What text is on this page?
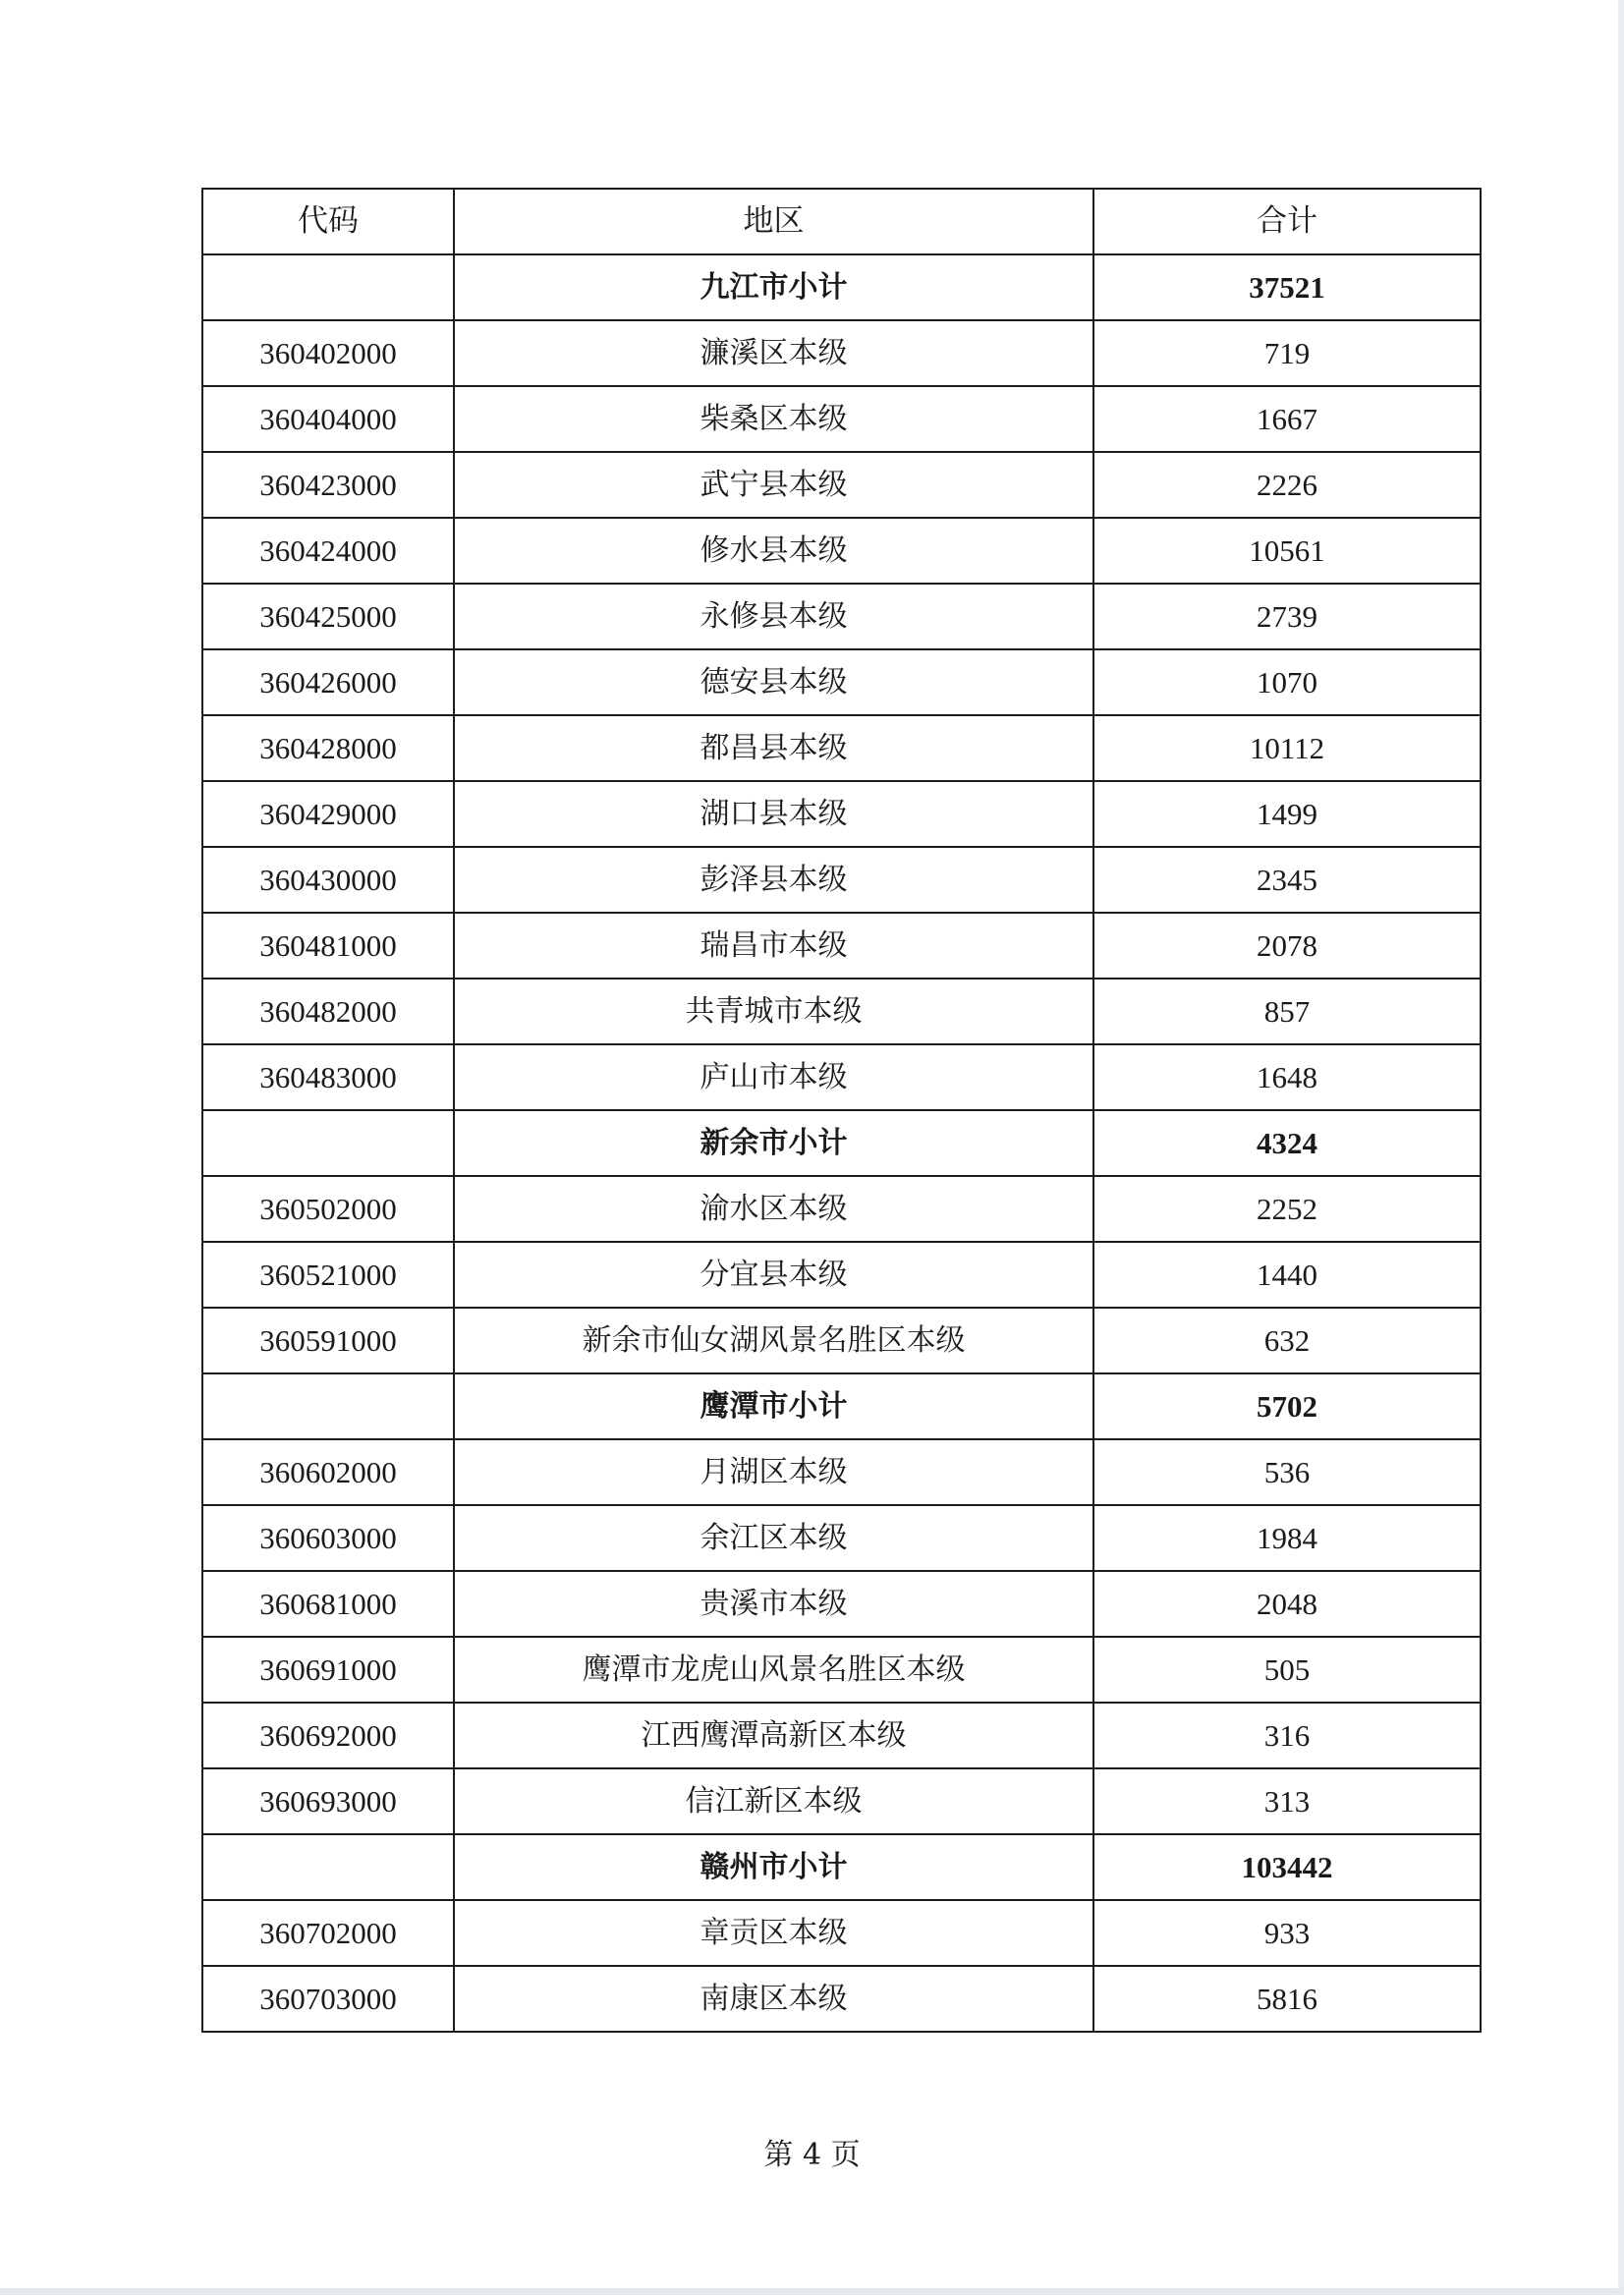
代码	地区	合计
	九江市小计	37521
360402000	濂溪区本级	719
360404000	柴桑区本级	1667
360423000	武宁县本级	2226
360424000	修水县本级	10561
360425000	永修县本级	2739
360426000	德安县本级	1070
360428000	都昌县本级	10112
360429000	湖口县本级	1499
360430000	彭泽县本级	2345
360481000	瑞昌市本级	2078
360482000	共青城市本级	857
360483000	庐山市本级	1648
	新余市小计	4324
360502000	渝水区本级	2252
360521000	分宜县本级	1440
360591000	新余市仙女湖风景名胜区本级	632
	鹰潭市小计	5702
360602000	月湖区本级	536
360603000	余江区本级	1984
360681000	贵溪市本级	2048
360691000	鹰潭市龙虎山风景名胜区本级	505
360692000	江西鹰潭高新区本级	316
360693000	信江新区本级	313
	赣州市小计	103442
360702000	章贡区本级	933
360703000	南康区本级	5816
第 4 页
